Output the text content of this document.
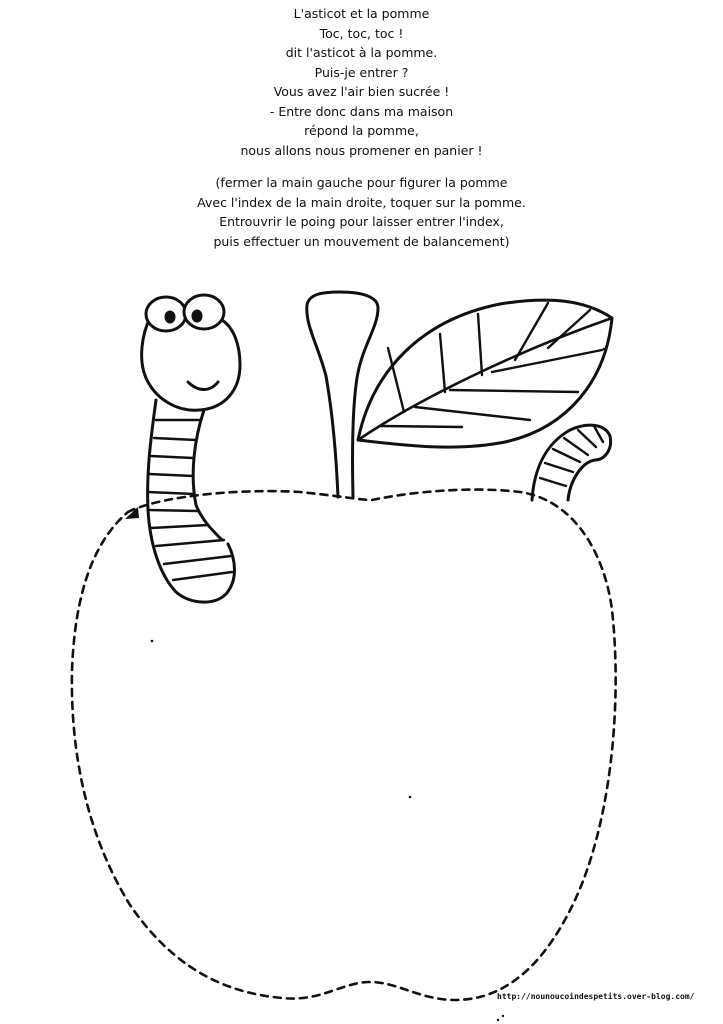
L'asticot et la pomme
Toc, toc, toc !
dit l'asticot à la pomme.
Puis-je entrer ?
Vous avez l'air bien sucrée !
- Entre donc dans ma maison
répond la pomme,
nous allons nous promener en panier !
(fermer la main gauche pour figurer la pomme
Avec l'index de la main droite, toquer sur la pomme.
Entrouvrir le poing pour laisser entrer l'index,
puis effectuer un mouvement de balancement)
http://nounoucoindespetits.over-blog.com/
